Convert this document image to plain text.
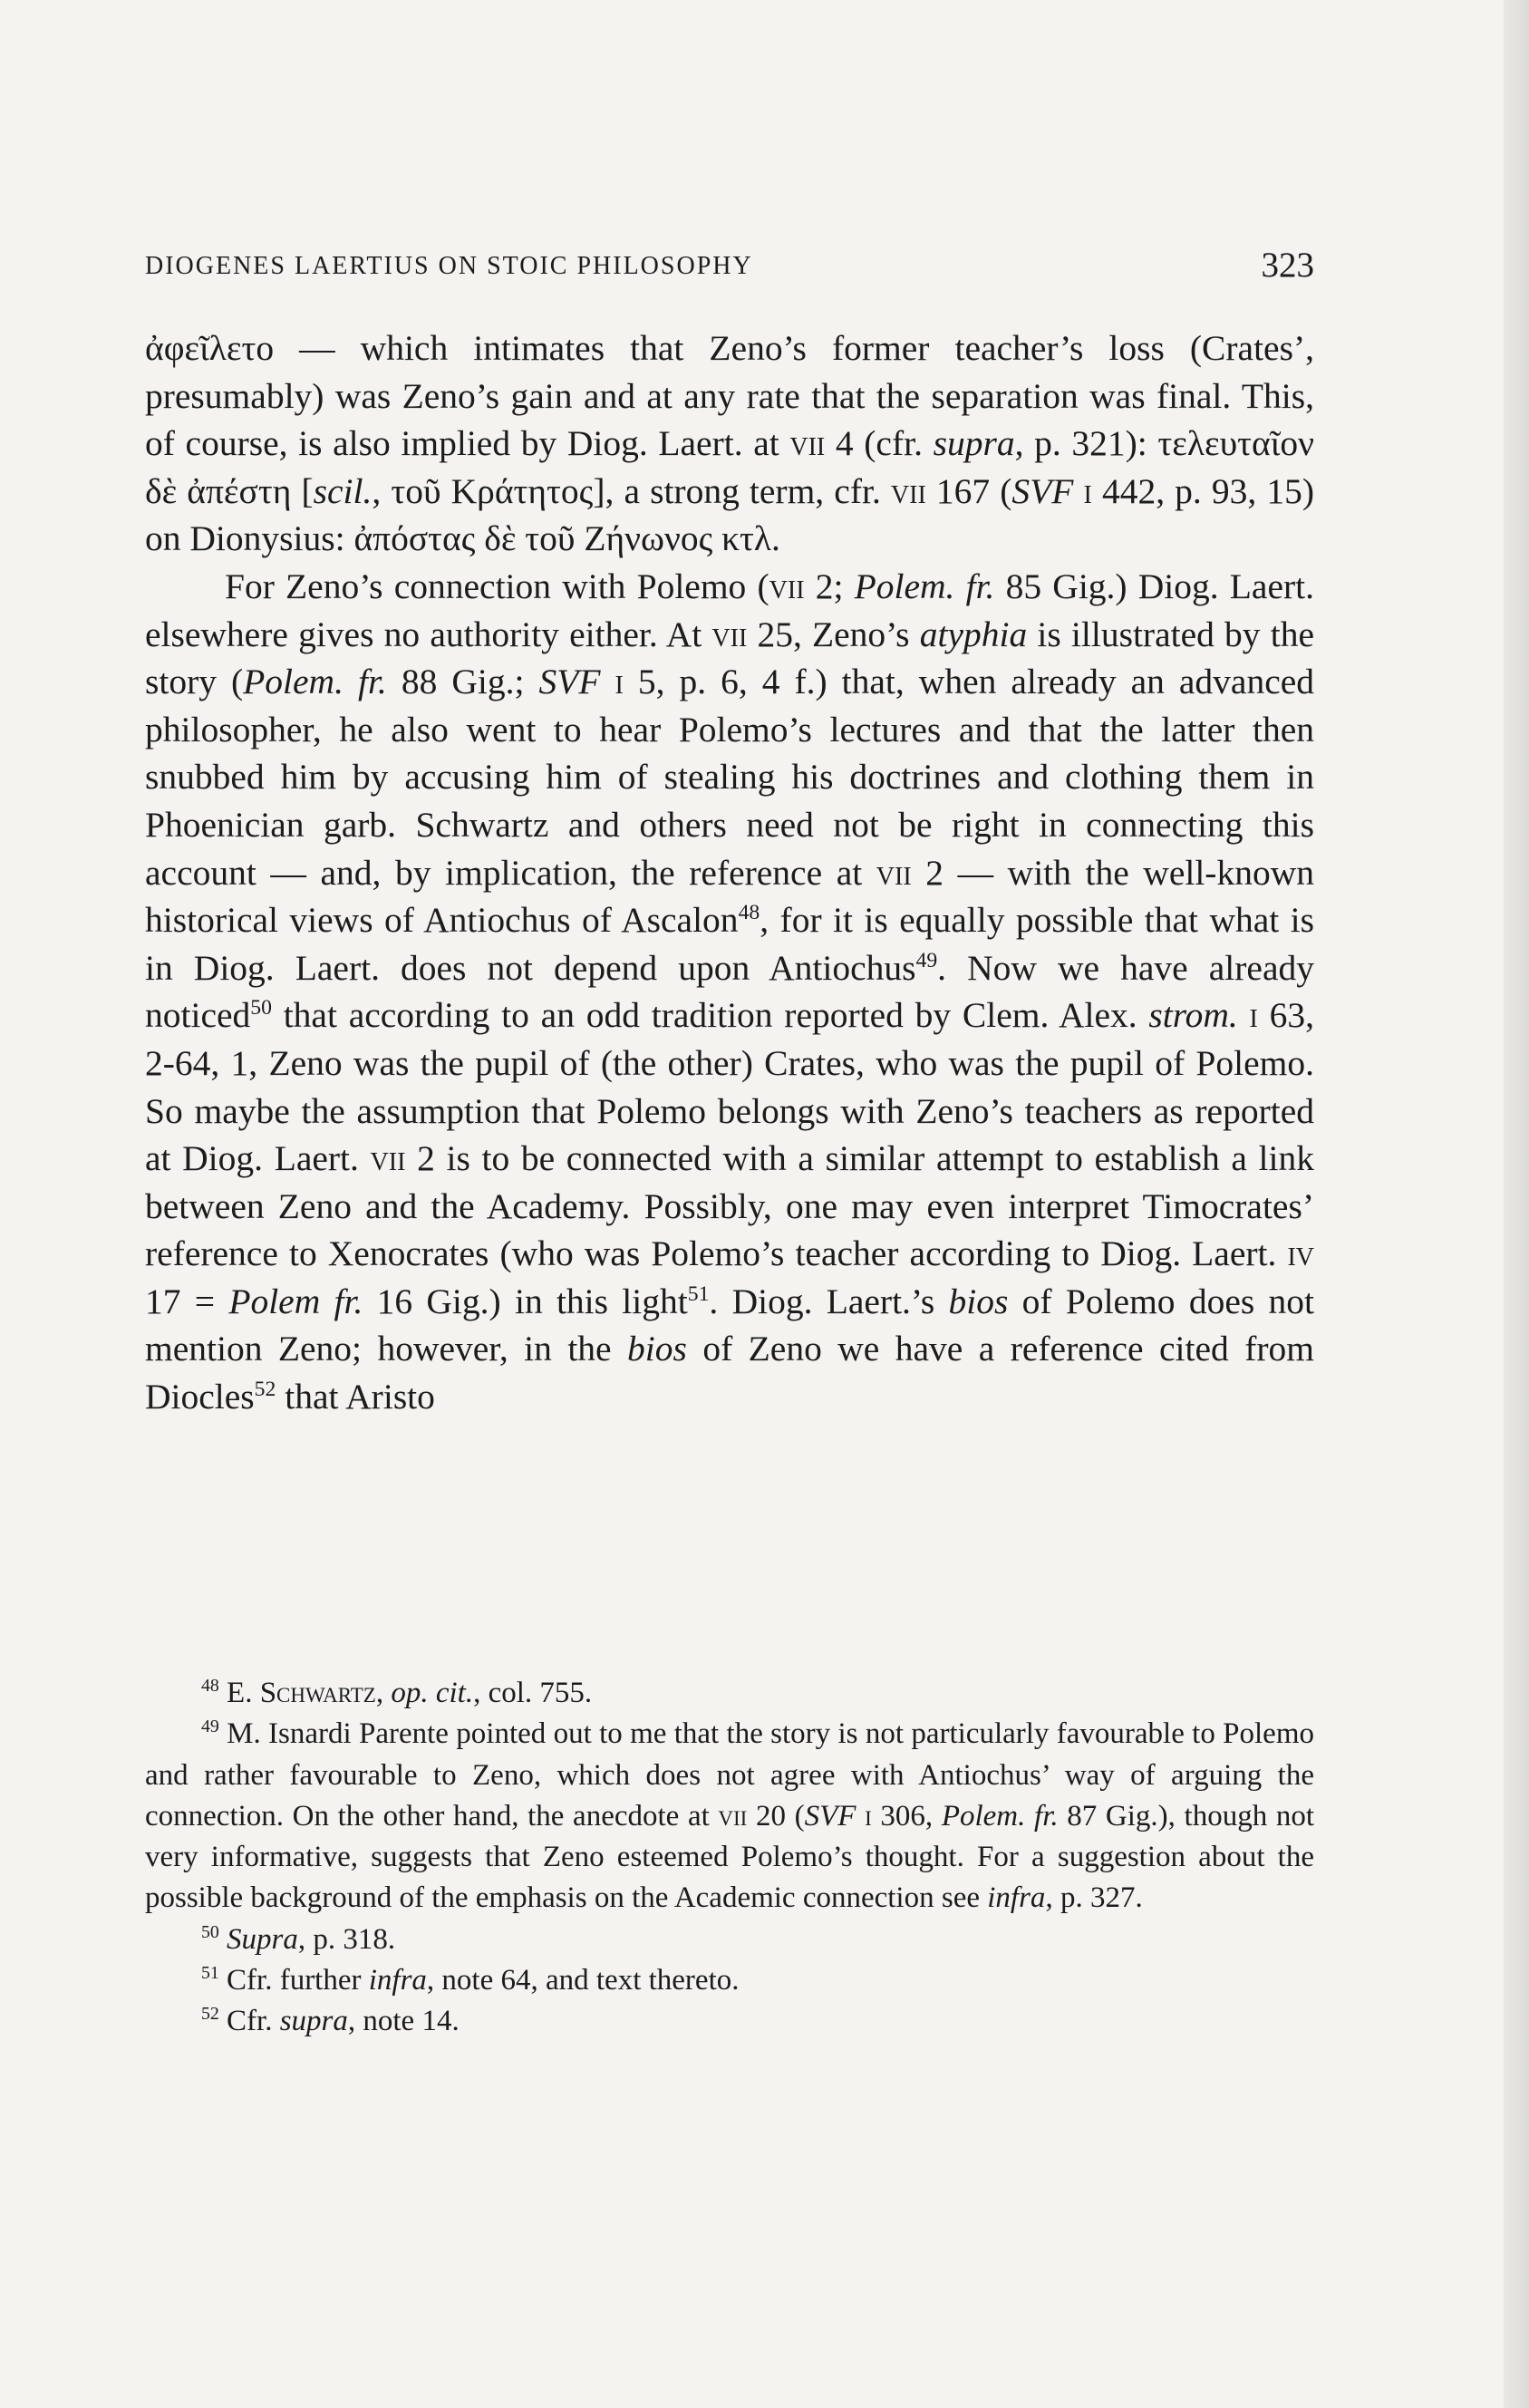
DIOGENES LAERTIUS ON STOIC PHILOSOPHY	323

ἀφεῖλετο — which intimates that Zeno’s former teacher’s loss (Crates’, presumably) was Zeno’s gain and at any rate that the separation was final. This, of course, is also implied by Diog. Laert. at vii 4 (cfr. supra, p. 321): τελευταῖον δὲ ἀπέστη [scil., τοῦ Κράτητος], a strong term, cfr. vii 167 (SVF i 442, p. 93, 15) on Dionysius: ἀπόστας δὲ τοῦ Ζήνωνος κτλ.

For Zeno’s connection with Polemo (vii 2; Polem. fr. 85 Gig.) Diog. Laert. elsewhere gives no authority either. At vii 25, Zeno’s atyphia is illustrated by the story (Polem. fr. 88 Gig.; SVF i 5, p. 6, 4 f.) that, when already an advanced philosopher, he also went to hear Polemo’s lectures and that the latter then snubbed him by accusing him of stealing his doctrines and clothing them in Phoenician garb. Schwartz and others need not be right in connecting this account — and, by implication, the reference at vii 2 — with the well-known historical views of Antiochus of Ascalon$^{48}$, for it is equally possible that what is in Diog. Laert. does not depend upon Antiochus$^{49}$. Now we have already noticed$^{50}$ that according to an odd tradition reported by Clem. Alex. strom. i 63, 2-64, 1, Zeno was the pupil of (the other) Crates, who was the pupil of Polemo. So maybe the assumption that Polemo belongs with Zeno’s teachers as reported at Diog. Laert. vii 2 is to be connected with a similar attempt to establish a link between Zeno and the Academy. Possibly, one may even interpret Timocrates’ reference to Xenocrates (who was Polemo’s teacher according to Diog. Laert. iv 17 = Polem fr. 16 Gig.) in this light$^{51}$. Diog. Laert.’s bios of Polemo does not mention Zeno; however, in the bios of Zeno we have a reference cited from Diocles$^{52}$ that Aristo

$^{48}$ E. Schwartz, op. cit., col. 755.

$^{49}$ M. Isnardi Parente pointed out to me that the story is not particularly favourable to Polemo and rather favourable to Zeno, which does not agree with Antiochus’ way of arguing the connection. On the other hand, the anecdote at vii 20 (SVF i 306, Polem. fr. 87 Gig.), though not very informative, suggests that Zeno esteemed Polemo’s thought. For a suggestion about the possible background of the emphasis on the Academic connection see infra, p. 327.

$^{50}$ Supra, p. 318.

$^{51}$ Cfr. further infra, note 64, and text thereto.

$^{52}$ Cfr. supra, note 14.
